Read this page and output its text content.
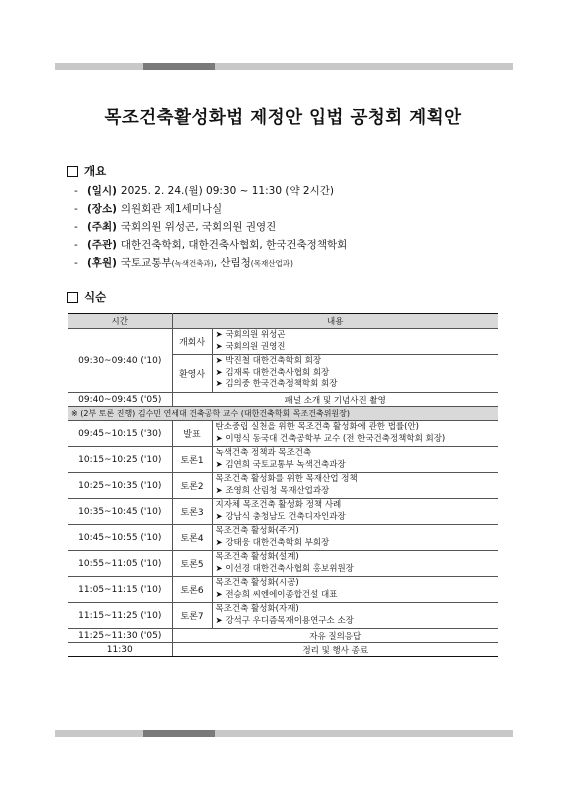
목조건축활성화법 제정안 입법 공청회 계획안
개요
- (일시) 2025. 2. 24.(월) 09:30 ~ 11:30 (약 2시간)
- (장소) 의원회관 제1세미나실
- (주최) 국회의원 위성곤, 국회의원 권영진
- (주관) 대한건축학회, 대한건축사협회, 한국건축정책학회
- (후원) 국토교통부(녹색건축과), 산림청(목재산업과)
식순
시간	내용	
09:30~09:40 ('10)	개회사	➤ 국회의원 위성곤
➤ 국회의원 권영진

	환영사	➤ 박진철 대한건축학회 회장
➤ 김재록 대한건축사협회 회장
➤ 김의중 한국건축정책학회 회장

09:40~09:45 ('05)	패널 소개 및 기념사진 촬영	
※ (2부 토론 진행) 김수민 연세대 건축공학 교수 (대한건축학회 목조건축위원장)		
09:45~10:15 ('30)	발표	탄소중립 실천을 위한 목조건축 활성화에 관한 법률(안)
➤ 이명식 동국대 건축공학부 교수 (전 한국건축정책학회 회장)

10:15~10:25 ('10)	토론1	녹색건축 정책과 목조건축
➤ 김연희 국토교통부 녹색건축과장

10:25~10:35 ('10)	토론2	목조건축 활성화를 위한 목재산업 정책
➤ 조영희 산림청 목재산업과장

10:35~10:45 ('10)	토론3	지자체 목조건축 활성화 정책 사례
➤ 강남식 충청남도 건축디자인과장

10:45~10:55 ('10)	토론4	목조건축 활성화(주거)
➤ 강태웅 대한건축학회 부회장

10:55~11:05 ('10)	토론5	목조건축 활성화(설계)
➤ 이선경 대한건축사협회 홍보위원장

11:05~11:15 ('10)	토론6	목조건축 활성화(시공)
➤ 전승희 씨엔에이종합건설 대표

11:15~11:25 ('10)	토론7	목조건축 활성화(자재)
➤ 강석구 우디즘목재이용연구소 소장

11:25~11:30 ('05)	자유 질의응답	
11:30	정리 및 행사 종료	
